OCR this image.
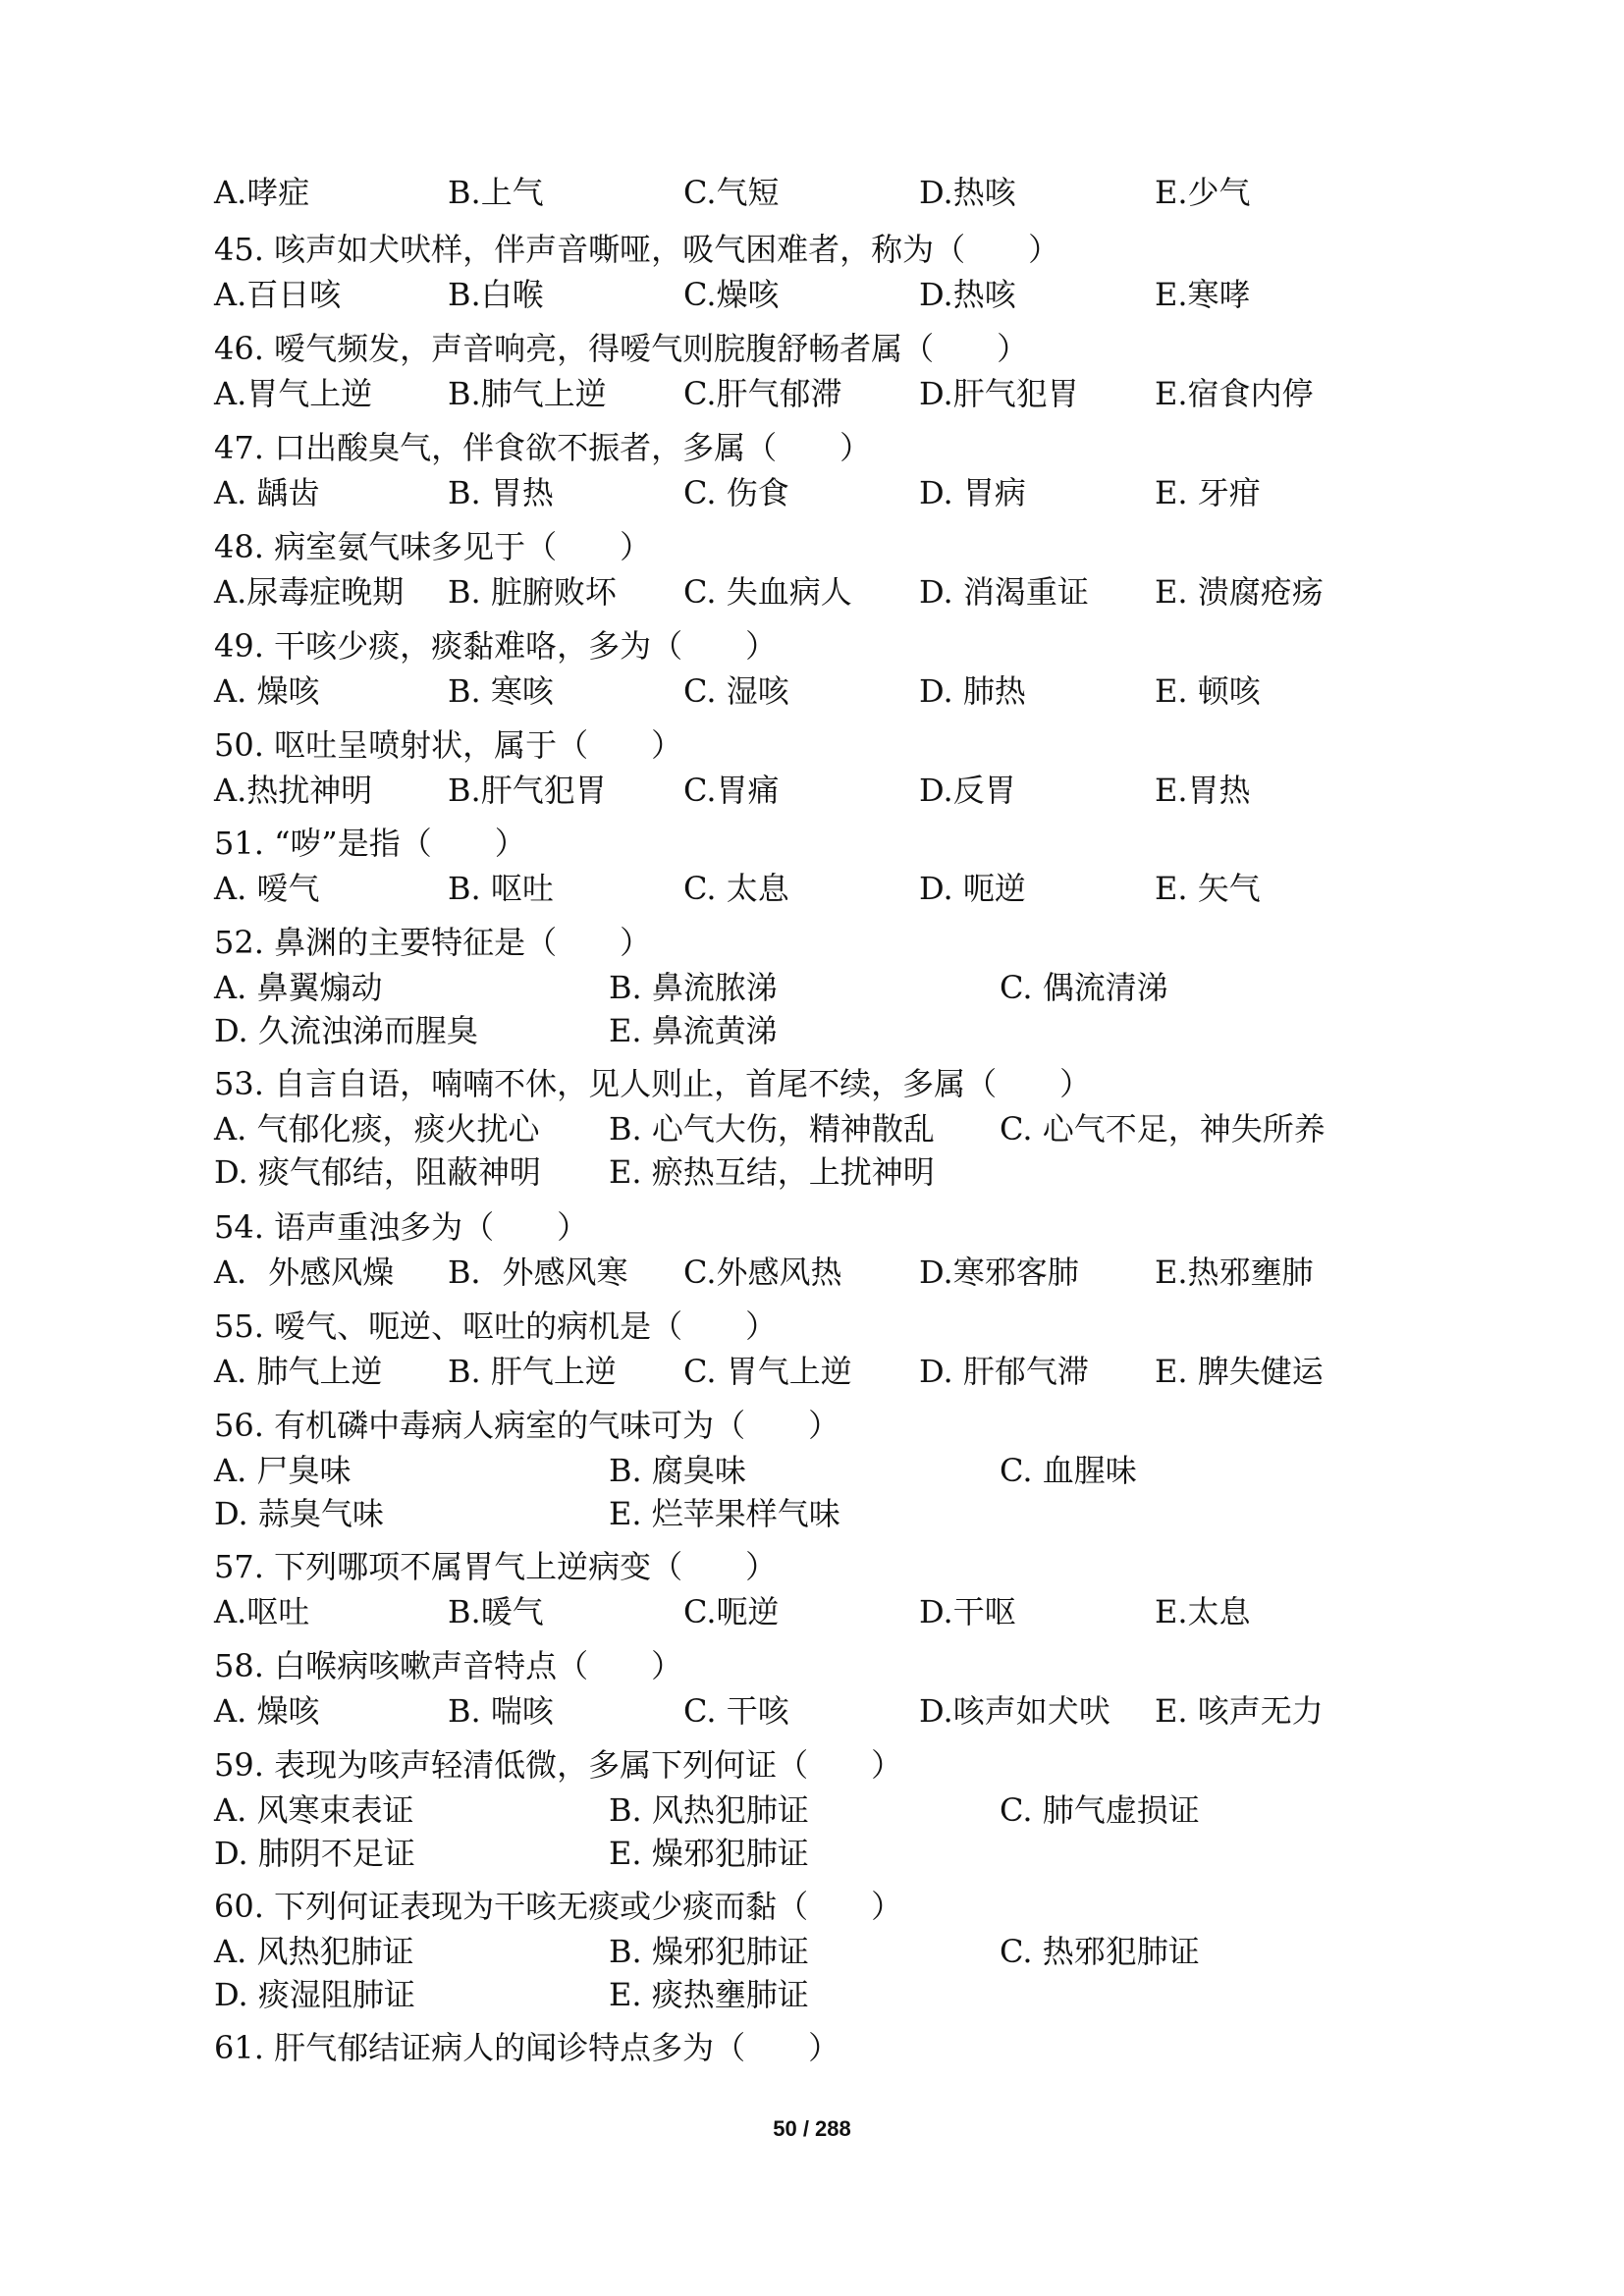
A.哮症	B.上气	C.气短	D.热咳	E.少气
45. 咳声如犬吠样，伴声音嘶哑，吸气困难者，称为（　　）
A.百日咳	B.白喉	C.燥咳	D.热咳	E.寒哮
46. 嗳气频发，声音响亮，得嗳气则脘腹舒畅者属（　　）
A.胃气上逆 B.肺气上逆 C.肝气郁滞 D.肝气犯胃 E.宿食内停
47. 口出酸臭气，伴食欲不振者，多属（　　）
A. 龋齿	B. 胃热	C. 伤食	D. 胃病	E. 牙疳
48. 病室氨气味多见于（　　）
A.尿毒症晚期 B. 脏腑败坏 C. 失血病人 D. 消渴重证 E. 溃腐疮疡
49. 干咳少痰，痰黏难咯，多为（　　）
A. 燥咳	B. 寒咳	C. 湿咳	D. 肺热	E. 顿咳
50. 呕吐呈喷射状，属于（　　）
A.热扰神明 B.肝气犯胃 C.胃痛	D.反胃	E.胃热
51. “哕”是指（　　）
A. 嗳气	B. 呕吐	C. 太息	D. 呃逆	E. 矢气
52. 鼻渊的主要特征是（　　）
A. 鼻翼煽动	B. 鼻流脓涕	C. 偶流清涕
D. 久流浊涕而腥臭	E. 鼻流黄涕
53. 自言自语，喃喃不休，见人则止，首尾不续，多属（　　）
A. 气郁化痰，痰火扰心 B. 心气大伤，精神散乱 C. 心气不足，神失所养
D. 痰气郁结，阻蔽神明 E. 瘀热互结，上扰神明
54. 语声重浊多为（　　）
A．外感风燥 B．外感风寒 C.外感风热 D.寒邪客肺 E.热邪壅肺
55. 嗳气、呃逆、呕吐的病机是（　　）
A. 肺气上逆 B. 肝气上逆 C. 胃气上逆 D. 肝郁气滞 E. 脾失健运
56. 有机磷中毒病人病室的气味可为（　　）
A. 尸臭味	B. 腐臭味	C. 血腥味
D. 蒜臭气味	E. 烂苹果样气味
57. 下列哪项不属胃气上逆病变（　　）
A.呕吐	B.暖气	C.呃逆	D.干呕	E.太息
58. 白喉病咳嗽声音特点（　　）
A. 燥咳	B. 喘咳	C. 干咳	D.咳声如犬吠 E. 咳声无力
59. 表现为咳声轻清低微，多属下列何证（　　）
A. 风寒束表证	B. 风热犯肺证	C. 肺气虚损证
D. 肺阴不足证	E. 燥邪犯肺证
60. 下列何证表现为干咳无痰或少痰而黏（　　）
A. 风热犯肺证	B. 燥邪犯肺证	C. 热邪犯肺证
D. 痰湿阻肺证	E. 痰热壅肺证
61. 肝气郁结证病人的闻诊特点多为（　　）
50 / 288
